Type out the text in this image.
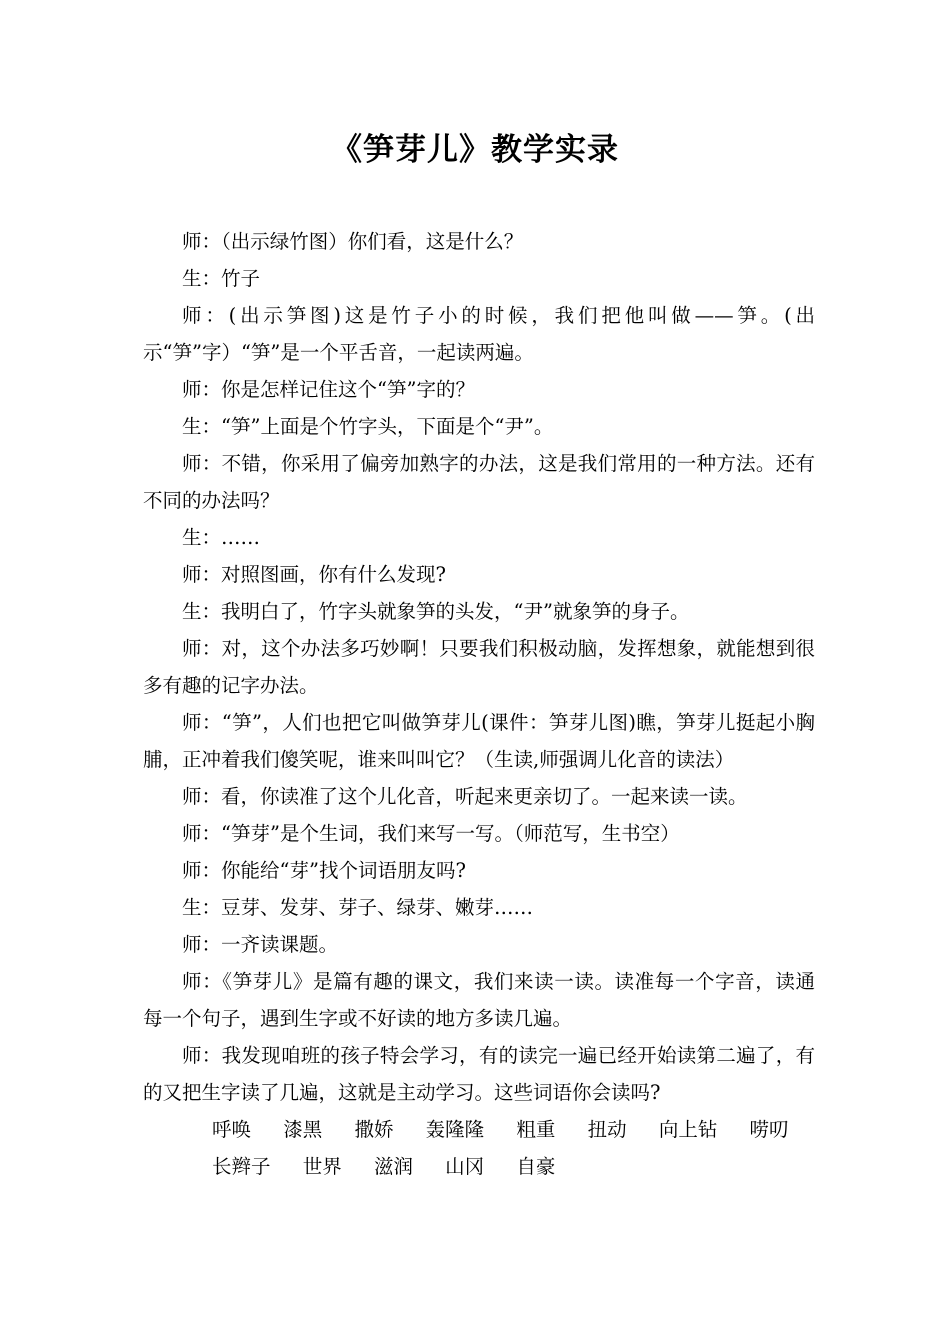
《笋芽儿》教学实录

师：（出示绿竹图）你们看，这是什么？

生：竹子

师：(出示笋图)这是竹子小的时候，我们把他叫做——笋。(出示“笋”字）“笋”是一个平舌音，一起读两遍。

师：你是怎样记住这个“笋”字的？

生：“笋”上面是个竹字头，下面是个“尹”。

师：不错，你采用了偏旁加熟字的办法，这是我们常用的一种方法。还有不同的办法吗？

生：……

师：对照图画，你有什么发现?

生：我明白了，竹字头就象笋的头发，“尹”就象笋的身子。

师：对，这个办法多巧妙啊！只要我们积极动脑，发挥想象，就能想到很多有趣的记字办法。

师：“笋”，人们也把它叫做笋芽儿(课件：笋芽儿图)瞧，笋芽儿挺起小胸脯，正冲着我们傻笑呢，谁来叫叫它？（生读,师强调儿化音的读法）

师：看，你读准了这个儿化音，听起来更亲切了。一起来读一读。

师：“笋芽”是个生词，我们来写一写。（师范写，生书空）

师：你能给“芽”找个词语朋友吗?

生：豆芽、发芽、芽子、绿芽、嫩芽……

师：一齐读课题。

师：《笋芽儿》是篇有趣的课文，我们来读一读。读准每一个字音，读通每一个句子，遇到生字或不好读的地方多读几遍。

师：我发现咱班的孩子特会学习，有的读完一遍已经开始读第二遍了，有的又把生字读了几遍，这就是主动学习。这些词语你会读吗?

呼唤 漆黑 撒娇 轰隆隆 粗重 扭动 向上钻 唠叨

长辫子 世界 滋润 山冈 自豪
